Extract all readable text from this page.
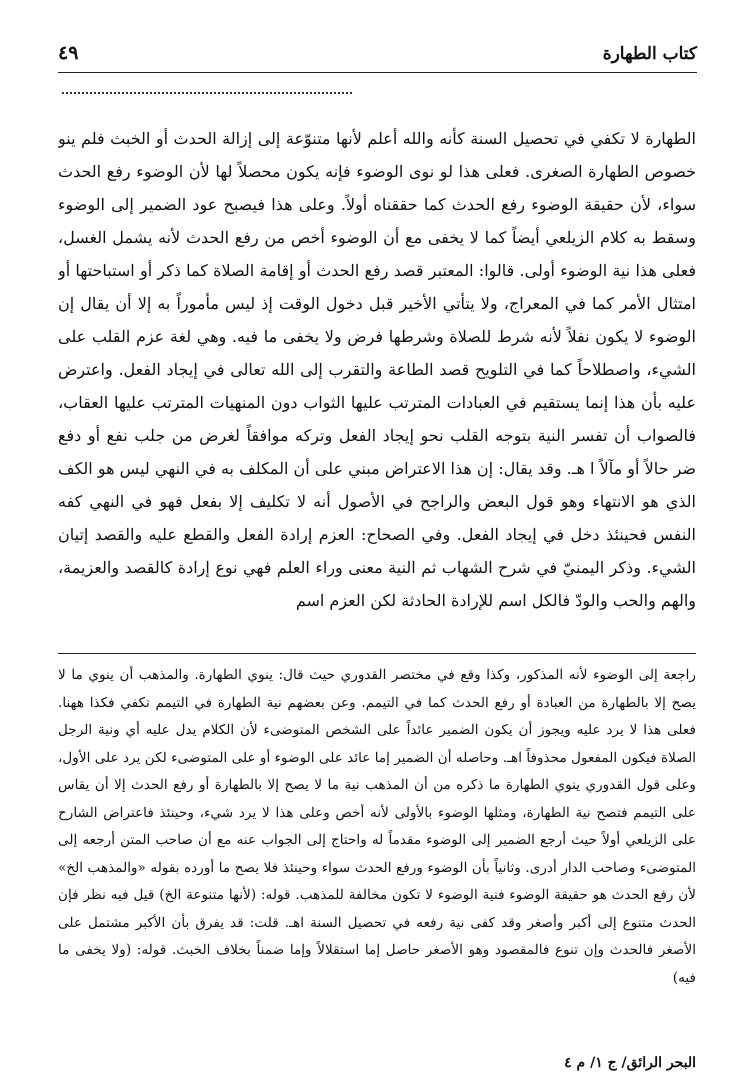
كتاب الطهارة
٤٩

الطهارة لا تكفي في تحصيل السنة كأنه والله أعلم لأنها متنوّعة إلى إزالة الحدث أو الخبث فلم ينو خصوص الطهارة الصغرى. فعلى هذا لو نوى الوضوء فإنه يكون محصلاً لها لأن الوضوء رفع الحدث سواء، لأن حقيقة الوضوء رفع الحدث كما حققناه أولاً. وعلى هذا فيصبح عود الضمير إلى الوضوء وسقط به كلام الزيلعي أيضاً كما لا يخفى مع أن الوضوء أخص من رفع الحدث لأنه يشمل الغسل، فعلى هذا نية الوضوء أولى. قالوا: المعتبر قصد رفع الحدث أو إقامة الصلاة كما ذكر أو استباحتها أو امتثال الأمر كما في المعراج، ولا يتأتي الأخير قبل دخول الوقت إذ ليس مأموراً به إلا أن يقال إن الوضوء لا يكون نفلاً لأنه شرط للصلاة وشرطها فرض ولا يخفى ما فيه. وهي لغة عزم القلب على الشيء، واصطلاحاً كما في التلويح قصد الطاعة والتقرب إلى الله تعالى في إيجاد الفعل. واعترض عليه بأن هذا إنما يستقيم في العبادات المترتب عليها الثواب دون المنهيات المترتب عليها العقاب، فالصواب أن تفسر النية بتوجه القلب نحو إيجاد الفعل وتركه موافقاً لغرض من جلب نفع أو دفع ضر حالاً أو مآلاً ا هـ. وقد يقال: إن هذا الاعتراض مبني على أن المكلف به في النهي ليس هو الكف الذي هو الانتهاء وهو قول البعض والراجح في الأصول أنه لا تكليف إلا بفعل فهو في النهي كفه النفس فحينئذ دخل في إيجاد الفعل. وفي الصحاح: العزم إرادة الفعل والقطع عليه والقصد إتيان الشيء. وذكر اليمنيّ في شرح الشهاب ثم النية معنى وراء العلم فهي نوع إرادة كالقصد والعزيمة، والهم والحب والودّ فالكل اسم للإرادة الحادثة لكن العزم اسم

راجعة إلى الوضوء لأنه المذكور، وكذا وقع في مختصر القدوري حيث قال: ينوي الطهارة. والمذهب أن ينوي ما لا يصح إلا بالطهارة من العبادة أو رفع الحدث كما في التيمم. وعن بعضهم نية الطهارة في التيمم تكفي فكذا ههنا. فعلى هذا لا يرد عليه ويجوز أن يكون الضمير عائداً على الشخص المتوضىء لأن الكلام يدل عليه أي ونية الرجل الصلاة فيكون المفعول محذوفاً اهـ. وحاصله أن الضمير إما عائد على الوضوء أو على المتوضىء لكن يرد على الأول، وعلى قول القدوري ينوي الطهارة ما ذكره من أن المذهب نية ما لا يصح إلا بالطهارة أو رفع الحدث إلا أن يقاس على التيمم فتصح نية الطهارة، ومثلها الوضوء بالأولى لأنه أخص وعلى هذا لا يرد شيء، وحينئذ فاعتراض الشارح على الزيلعي أولاً حيث أرجع الضمير إلى الوضوء مقدماً له واحتاج إلى الجواب عنه مع أن صاحب المتن أرجعه إلى المتوضىء وصاحب الدار أدرى. وثانياً بأن الوضوء ورفع الحدث سواء وحينئذ فلا يصح ما أورده بقوله «والمذهب الخ» لأن رفع الحدث هو حقيقة الوضوء فنية الوضوء لا تكون مخالفة للمذهب. قوله: (لأنها متنوعة الخ) قيل فيه نظر فإن الحدث متنوع إلى أكبر وأصغر وقد كفى نية رفعه في تحصيل السنة اهـ. قلت: قد يفرق بأن الأكبر مشتمل على الأصغر فالحدث وإن تنوع فالمقصود وهو الأصغر حاصل إما استقلالاً وإما ضمناً بخلاف الخبث. قوله: (ولا يخفى ما فيه)

البحر الرائق/ ج ١/ م ٤
